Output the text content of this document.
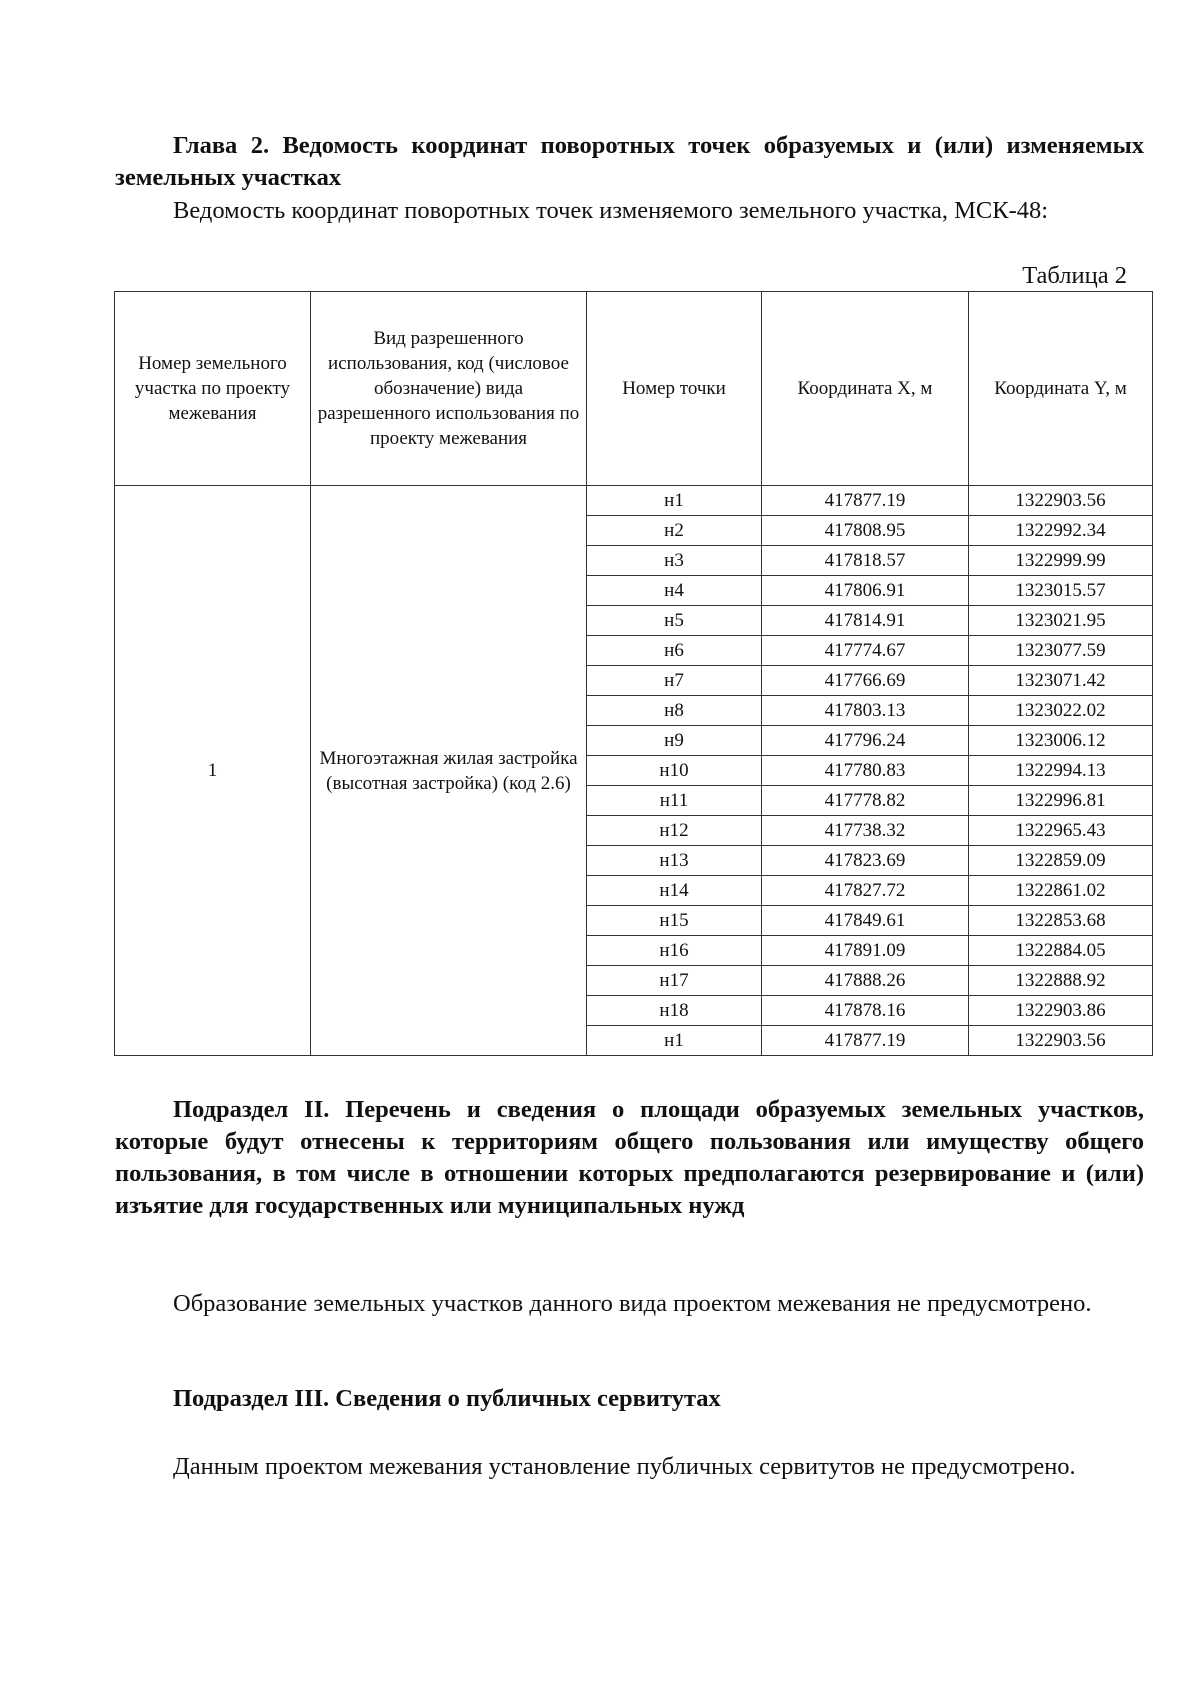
Глава 2. Ведомость координат поворотных точек образуемых и (или) изменяемых земельных участках

Ведомость координат поворотных точек изменяемого земельного участка, МСК-48:

Таблица 2
Номер земельного участка по проекту межевания	Вид разрешенного использования, код (числовое обозначение) вида разрешенного использования по проекту межевания	Номер точки	Координата X, м	Координата Y, м
1	Многоэтажная жилая застройка (высотная застройка) (код 2.6)	н1	417877.19	1322903.56
		н2	417808.95	1322992.34
		н3	417818.57	1322999.99
		н4	417806.91	1323015.57
		н5	417814.91	1323021.95
		н6	417774.67	1323077.59
		н7	417766.69	1323071.42
		н8	417803.13	1323022.02
		н9	417796.24	1323006.12
		н10	417780.83	1322994.13
		н11	417778.82	1322996.81
		н12	417738.32	1322965.43
		н13	417823.69	1322859.09
		н14	417827.72	1322861.02
		н15	417849.61	1322853.68
		н16	417891.09	1322884.05
		н17	417888.26	1322888.92
		н18	417878.16	1322903.86
		н1	417877.19	1322903.56

Подраздел II. Перечень и сведения о площади образуемых земельных участков, которые будут отнесены к территориям общего пользования или имуществу общего пользования, в том числе в отношении которых предполагаются резервирование и (или) изъятие для государственных или муниципальных нужд

Образование земельных участков данного вида проектом межевания не предусмотрено.

Подраздел III. Сведения о публичных сервитутах

Данным проектом межевания установление публичных сервитутов не предусмотрено.
